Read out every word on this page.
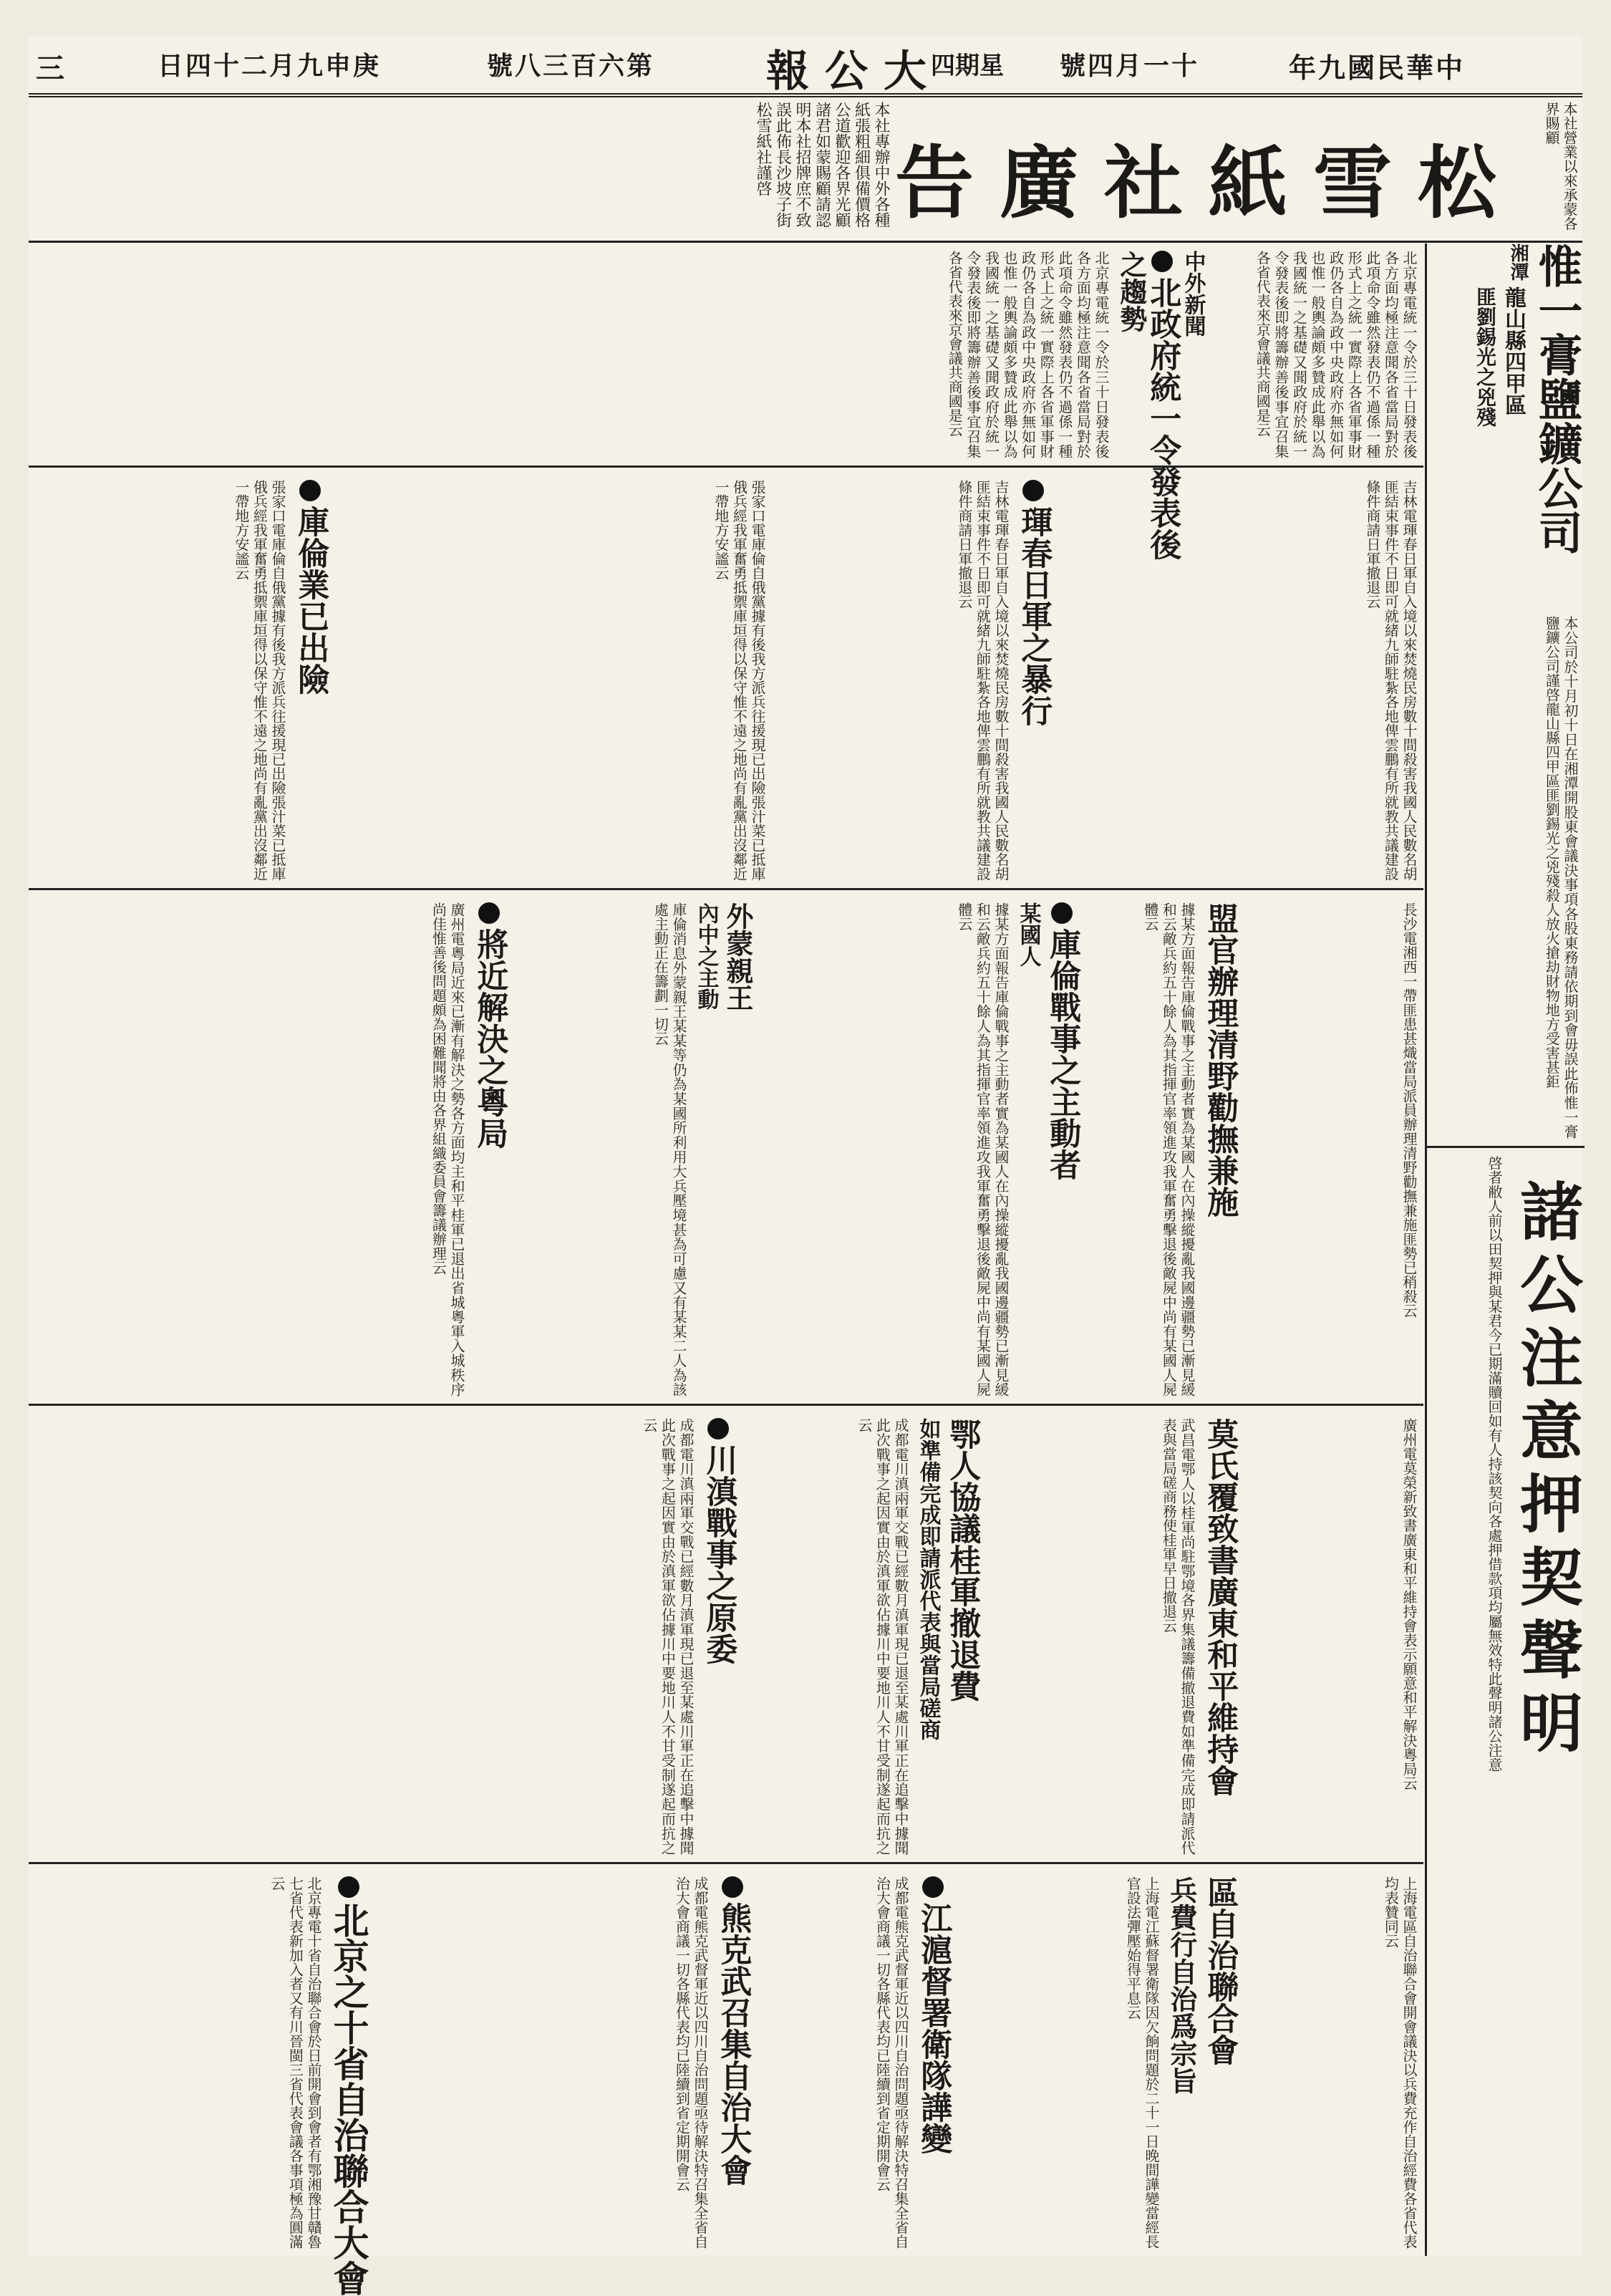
三	日四十二月九申庚	號八三百六第	報公大
四期星 號四月一十	年九國民華中
本社專辦中外各種紙張粗細俱備價格公道歡迎各界光顧諸君如蒙賜顧請認明本社招牌庶不致誤此佈長沙坡子街松雪紙社謹啓	告廣社紙雪松	本社營業以來承蒙各界賜顧
惟一膏鹽鑛公司
湘潭
龍山縣四甲區
匪劉錫光之兇殘
本公司於十月初十日在湘潭開股東會議決事項各股東務請依期到會毋誤此佈惟一膏鹽鑛公司謹啓龍山縣四甲區匪劉錫光之兇殘殺人放火搶劫財物地方受害甚鉅
諸公注意押契聲明
啓者敝人前以田契押與某君今已期滿贖回如有人持該契向各處押借款項均屬無效特此聲明諸公注意
北政府統一令發表後 中外新聞
之趨勢	北京專電統一令於三十日發表後各方面均極注意聞各省當局對於此項命令雖然發表仍不過係一種形式上之統一實際上各省軍事財政仍各自為政中央政府亦無如何也惟一般輿論頗多贊成此舉以為我國統一之基礎又聞政府於統一令發表後即將籌辦善後事宜召集各省代表來京會議共商國是云
北京專電統一令於三十日發表後各方面均極注意聞各省當局對於此項命令雖然發表仍不過係一種形式上之統一實際上各省軍事財政仍各自為政中央政府亦無如何也惟一般輿論頗多贊成此舉以為我國統一之基礎又聞政府於統一令發表後即將籌辦善後事宜召集各省代表來京會議共商國是云
琿春日軍之暴行	吉林電琿春日軍自入境以來焚燒民房數十間殺害我國人民數名胡匪結束事件不日即可就緒九師駐紮各地俾雲鵬有所就教共議建設條件商請日軍撤退云
吉林電琿春日軍自入境以來焚燒民房數十間殺害我國人民數名胡匪結束事件不日即可就緒九師駐紮各地俾雲鵬有所就教共議建設條件商請日軍撤退云
庫倫業已出險	張家口電庫倫自俄黨據有後我方派兵往援現已出險張汁菜已抵庫俄兵經我軍奮勇抵禦庫垣得以保守惟不遠之地尚有亂黨出沒鄰近一帶地方安謐云
張家口電庫倫自俄黨據有後我方派兵往援現已出險張汁菜已抵庫俄兵經我軍奮勇抵禦庫垣得以保守惟不遠之地尚有亂黨出沒鄰近一帶地方安謐云
盟官辦理清野勸撫兼施	長沙電湘西一帶匪患甚熾當局派員辦理清野勸撫兼施匪勢已稍殺云
庫倫戰事之主動者
某國人	據某方面報告庫倫戰事之主動者實為某國人在內操縱擾亂我國邊疆勢已漸見緩和云敵兵約五十餘人為其指揮官率領進攻我軍奮勇擊退後敵屍中尚有某國人屍體云
據某方面報告庫倫戰事之主動者實為某國人在內操縱擾亂我國邊疆勢已漸見緩和云敵兵約五十餘人為其指揮官率領進攻我軍奮勇擊退後敵屍中尚有某國人屍體云
外蒙親王
內中之主動
庫倫消息外蒙親王某某等仍為某國所利用大兵壓境甚為可慮又有某某二人為該處主動正在籌劃一切云
將近解決之粵局
廣州電粵局近來已漸有解決之勢各方面均主和平桂軍已退出省城粵軍入城秩序尚佳惟善後問題頗為困難聞將由各界組織委員會籌議辦理云
莫氏覆致書廣東和平維持會	廣州電莫榮新致書廣東和平維持會表示願意和平解決粵局云
鄂人協議桂軍撤退費
如準備完成即請派代表與當局磋商	武昌電鄂人以桂軍尚駐鄂境各界集議籌備撤退費如準備完成即請派代表與當局磋商務使桂軍早日撤退云
川滇戰事之原委	成都電川滇兩軍交戰已經數月滇軍現已退至某處川軍正在追擊中據聞此次戰事之起因實由於滇軍欲佔據川中要地川人不甘受制遂起而抗之云
成都電川滇兩軍交戰已經數月滇軍現已退至某處川軍正在追擊中據聞此次戰事之起因實由於滇軍欲佔據川中要地川人不甘受制遂起而抗之云
區自治聯合會
兵費行自治爲宗旨	上海電區自治聯合會開會議決以兵費充作自治經費各省代表均表贊同云
江滬督署衛隊譁變	上海電江蘇督署衛隊因欠餉問題於二十一日晚間譁變當經長官設法彈壓始得平息云
熊克武召集自治大會	成都電熊克武督軍近以四川自治問題亟待解決特召集全省自治大會商議一切各縣代表均已陸續到省定期開會云
成都電熊克武督軍近以四川自治問題亟待解決特召集全省自治大會商議一切各縣代表均已陸續到省定期開會云
北京之十省自治聯合大會
北京專電十省自治聯合會於日前開會到會者有鄂湘豫甘贛魯七省代表新加入者又有川晉閩三省代表會議各事項極為圓滿云
